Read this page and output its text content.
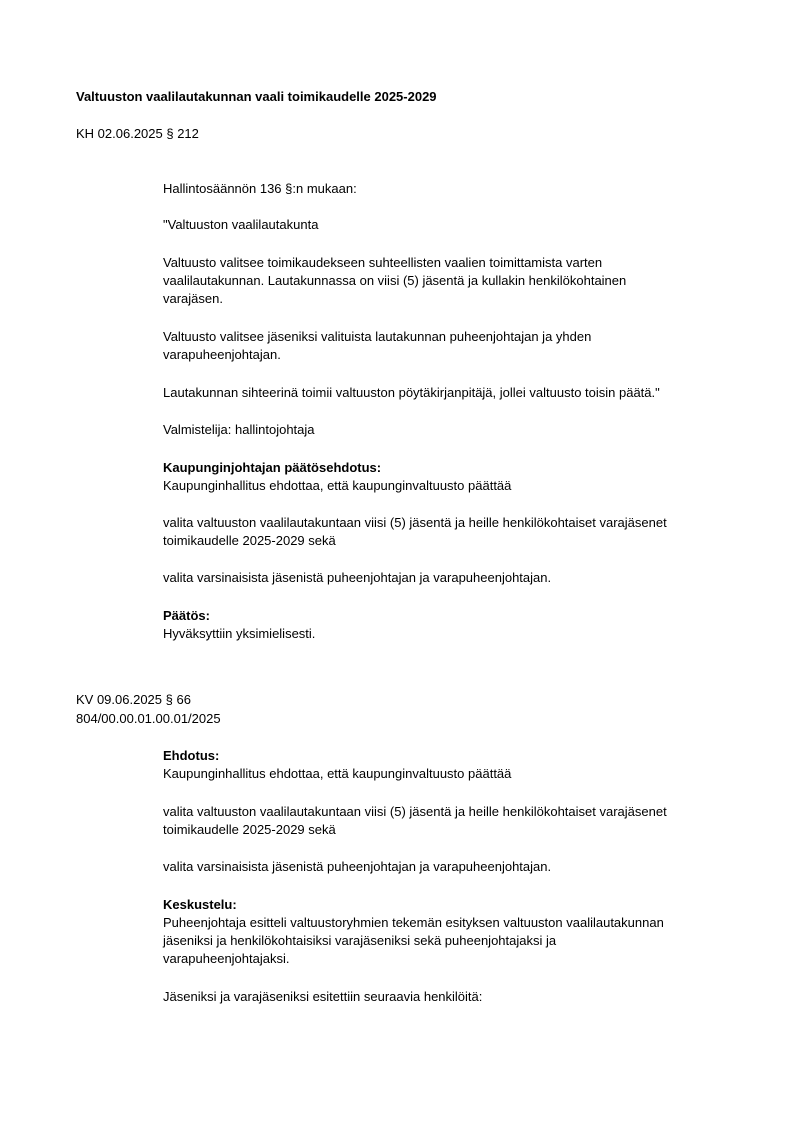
Valtuuston vaalilautakunnan vaali toimikaudelle 2025-2029
KH 02.06.2025 § 212
Hallintosäännön 136 §:n mukaan:
"Valtuuston vaalilautakunta
Valtuusto valitsee toimikaudekseen suhteellisten vaalien toimittamista varten
vaalilautakunnan. Lautakunnassa on viisi (5) jäsentä ja kullakin henkilökohtainen
varajäsen.
Valtuusto valitsee jäseniksi valituista lautakunnan puheenjohtajan ja yhden
varapuheenjohtajan.
Lautakunnan sihteerinä toimii valtuuston pöytäkirjanpitäjä, jollei valtuusto toisin päätä."
Valmistelija: hallintojohtaja
Kaupunginjohtajan päätösehdotus:
Kaupunginhallitus ehdottaa, että kaupunginvaltuusto päättää
valita valtuuston vaalilautakuntaan viisi (5) jäsentä ja heille henkilökohtaiset varajäsenet
toimikaudelle 2025-2029 sekä
valita varsinaisista jäsenistä puheenjohtajan ja varapuheenjohtajan.
Päätös:
Hyväksyttiin yksimielisesti.
KV 09.06.2025 § 66
804/00.00.01.00.01/2025
Ehdotus:
Kaupunginhallitus ehdottaa, että kaupunginvaltuusto päättää
valita valtuuston vaalilautakuntaan viisi (5) jäsentä ja heille henkilökohtaiset varajäsenet
toimikaudelle 2025-2029 sekä
valita varsinaisista jäsenistä puheenjohtajan ja varapuheenjohtajan.
Keskustelu:
Puheenjohtaja esitteli valtuustoryhmien tekemän esityksen valtuuston vaalilautakunnan
jäseniksi ja henkilökohtaisiksi varajäseniksi sekä puheenjohtajaksi ja
varapuheenjohtajaksi.
Jäseniksi ja varajäseniksi esitettiin seuraavia henkilöitä:
